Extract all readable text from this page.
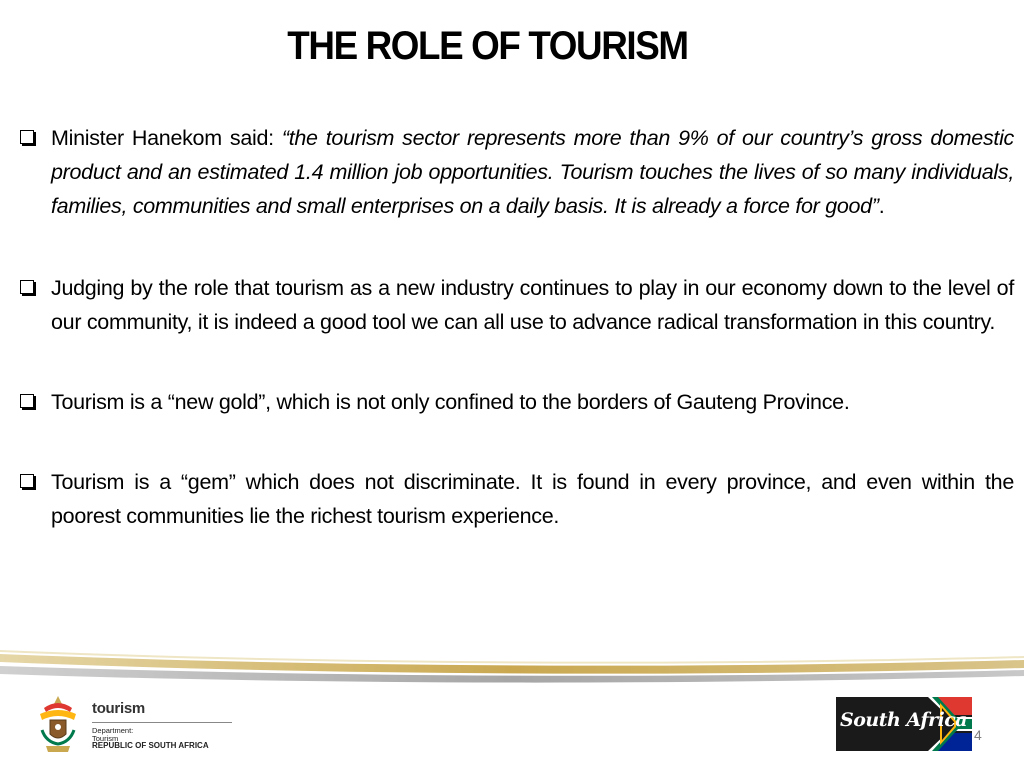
THE ROLE OF TOURISM
Minister Hanekom said: “the tourism sector represents more than 9% of our country’s gross domestic product and an estimated 1.4 million job opportunities. Tourism touches the lives of so many individuals, families, communities and small enterprises on a daily basis. It is already a force for good”.
Judging by the role that tourism as a new industry continues to play in our economy down to the level of our community, it is indeed a good tool we can all use to advance radical transformation in this country.
Tourism is a “new gold”, which is not only confined to the borders of Gauteng Province.
Tourism is a “gem” which does not discriminate. It is found in every province, and even within the poorest communities lie the richest tourism experience.
tourism
Department:
Tourism
REPUBLIC OF SOUTH AFRICA
South Africa
4
